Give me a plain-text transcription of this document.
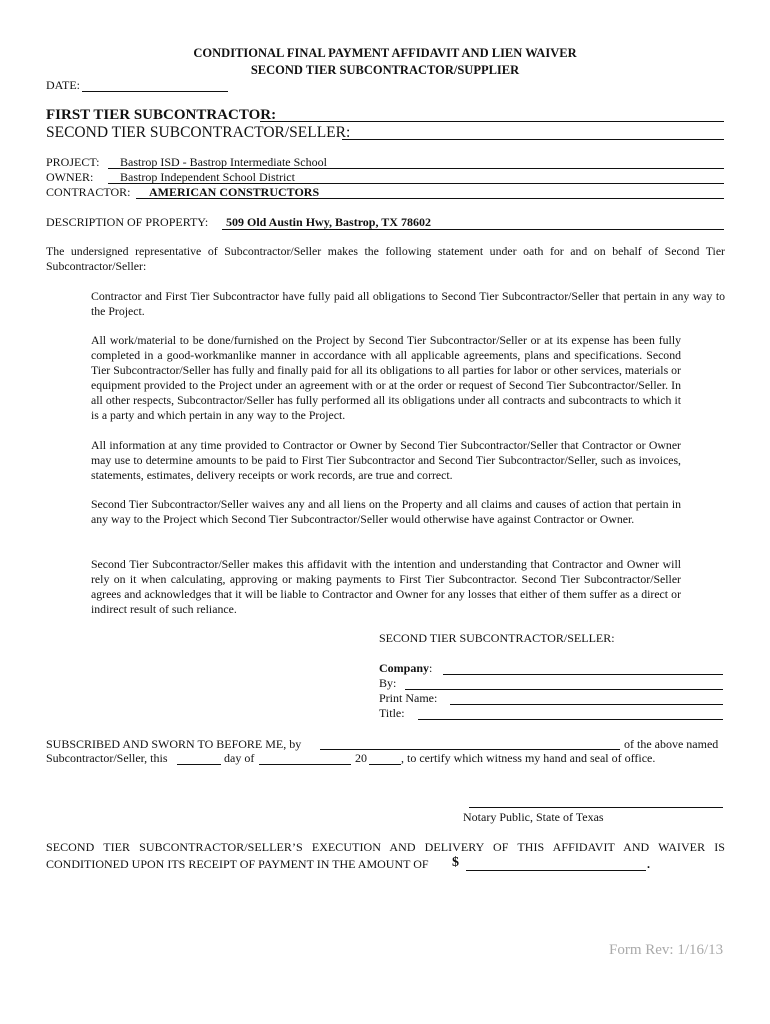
CONDITIONAL FINAL PAYMENT AFFIDAVIT AND LIEN WAIVER
SECOND TIER SUBCONTRACTOR/SUPPLIER
DATE:
FIRST TIER SUBCONTRACTOR:
SECOND TIER SUBCONTRACTOR/SELLER:
PROJECT: Bastrop ISD - Bastrop Intermediate School
OWNER: Bastrop Independent School District
CONTRACTOR: AMERICAN CONSTRUCTORS
DESCRIPTION OF PROPERTY: 509 Old Austin Hwy, Bastrop, TX 78602
The undersigned representative of Subcontractor/Seller makes the following statement under oath for and on behalf of Second Tier Subcontractor/Seller:
Contractor and First Tier Subcontractor have fully paid all obligations to Second Tier Subcontractor/Seller that pertain in any way to the Project.
All work/material to be done/furnished on the Project by Second Tier Subcontractor/Seller or at its expense has been fully completed in a good-workmanlike manner in accordance with all applicable agreements, plans and specifications. Second Tier Subcontractor/Seller has fully and finally paid for all its obligations to all parties for labor or other services, materials or equipment provided to the Project under an agreement with or at the order or request of Second Tier Subcontractor/Seller. In all other respects, Subcontractor/Seller has fully performed all its obligations under all contracts and subcontracts to which it is a party and which pertain in any way to the Project.
All information at any time provided to Contractor or Owner by Second Tier Subcontractor/Seller that Contractor or Owner may use to determine amounts to be paid to First Tier Subcontractor and Second Tier Subcontractor/Seller, such as invoices, statements, estimates, delivery receipts or work records, are true and correct.
Second Tier Subcontractor/Seller waives any and all liens on the Property and all claims and causes of action that pertain in any way to the Project which Second Tier Subcontractor/Seller would otherwise have against Contractor or Owner.
Second Tier Subcontractor/Seller makes this affidavit with the intention and understanding that Contractor and Owner will rely on it when calculating, approving or making payments to First Tier Subcontractor. Second Tier Subcontractor/Seller agrees and acknowledges that it will be liable to Contractor and Owner for any losses that either of them suffer as a direct or indirect result of such reliance.
SECOND TIER SUBCONTRACTOR/SELLER:
Company:
By:
Print Name:
Title:
SUBSCRIBED AND SWORN TO BEFORE ME, by	of the above named
Subcontractor/Seller, this	day of	20	, to certify which witness my hand and seal of office.
Notary Public, State of Texas
SECOND TIER SUBCONTRACTOR/SELLER’S EXECUTION AND DELIVERY OF THIS AFFIDAVIT AND WAIVER IS
CONDITIONED UPON ITS RECEIPT OF PAYMENT IN THE AMOUNT OF $	.
Form Rev: 1/16/13
